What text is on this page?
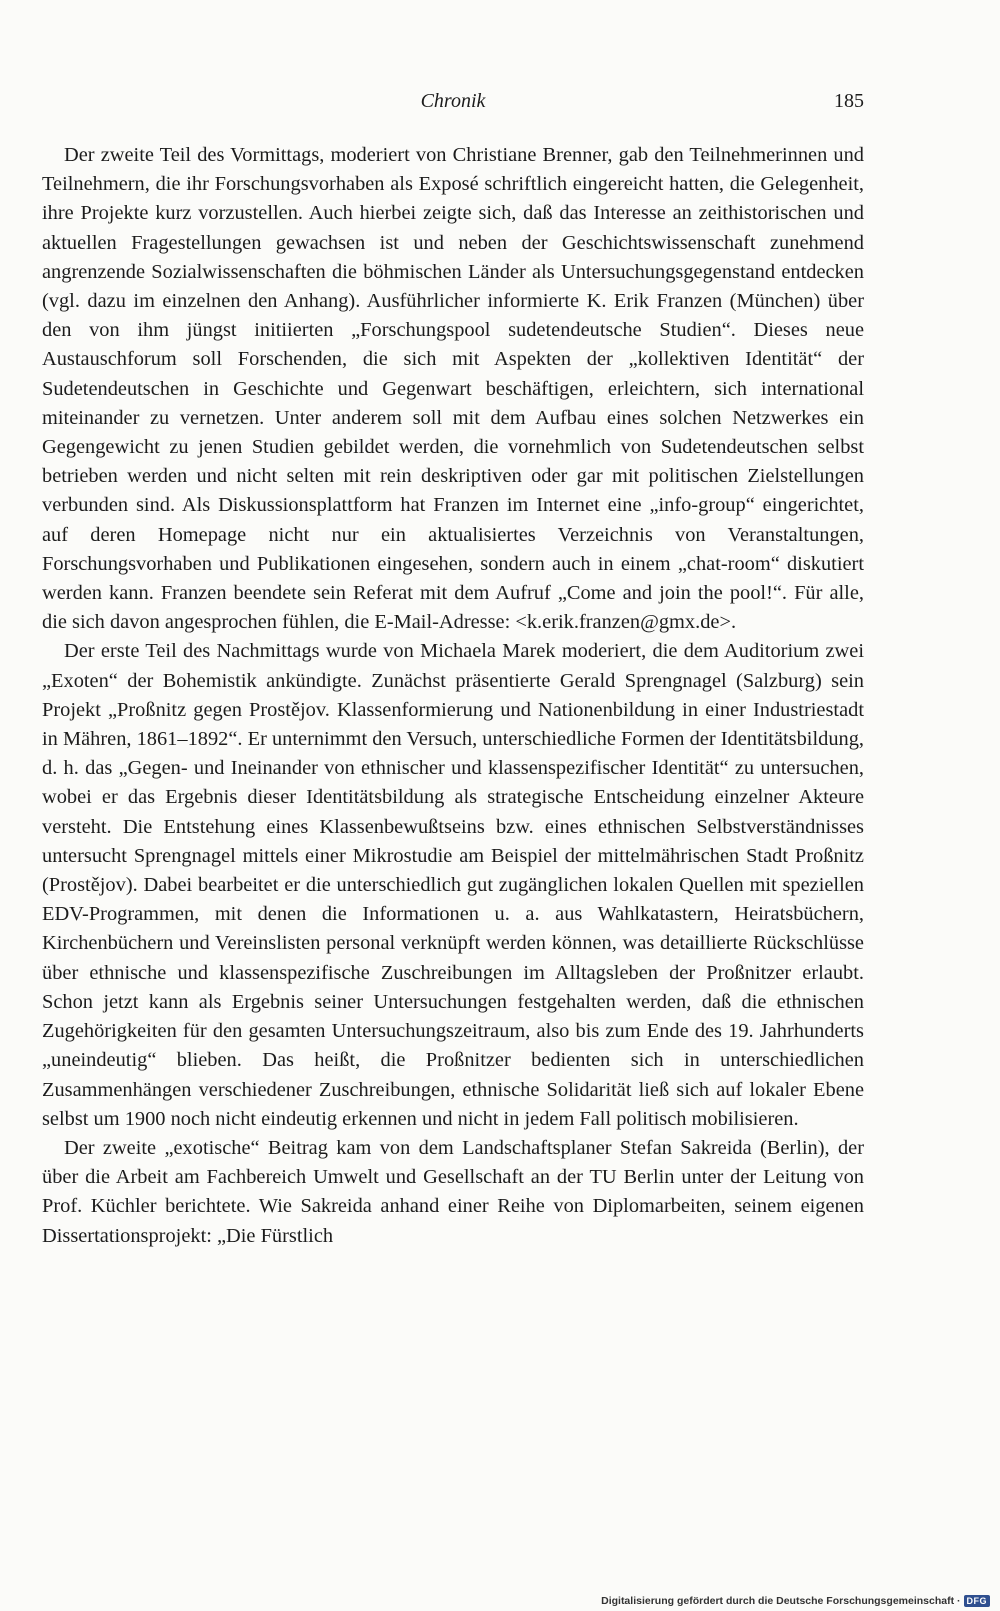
Chronik	185

Der zweite Teil des Vormittags, moderiert von Christiane Brenner, gab den Teilnehmerinnen und Teilnehmern, die ihr Forschungsvorhaben als Exposé schriftlich eingereicht hatten, die Gelegenheit, ihre Projekte kurz vorzustellen. Auch hierbei zeigte sich, daß das Interesse an zeithistorischen und aktuellen Fragestellungen gewachsen ist und neben der Geschichtswissenschaft zunehmend angrenzende Sozialwissenschaften die böhmischen Länder als Untersuchungsgegenstand entdecken (vgl. dazu im einzelnen den Anhang). Ausführlicher informierte K. Erik Franzen (München) über den von ihm jüngst initiierten „Forschungspool sudetendeutsche Studien“. Dieses neue Austauschforum soll Forschenden, die sich mit Aspekten der „kollektiven Identität“ der Sudetendeutschen in Geschichte und Gegenwart beschäftigen, erleichtern, sich international miteinander zu vernetzen. Unter anderem soll mit dem Aufbau eines solchen Netzwerkes ein Gegengewicht zu jenen Studien gebildet werden, die vornehmlich von Sudetendeutschen selbst betrieben werden und nicht selten mit rein deskriptiven oder gar mit politischen Zielstellungen verbunden sind. Als Diskussionsplattform hat Franzen im Internet eine „info-group“ eingerichtet, auf deren Homepage nicht nur ein aktualisiertes Verzeichnis von Veranstaltungen, Forschungsvorhaben und Publikationen eingesehen, sondern auch in einem „chat-room“ diskutiert werden kann. Franzen beendete sein Referat mit dem Aufruf „Come and join the pool!“. Für alle, die sich davon angesprochen fühlen, die E-Mail-Adresse: <k.erik.franzen@gmx.de>.

Der erste Teil des Nachmittags wurde von Michaela Marek moderiert, die dem Auditorium zwei „Exoten“ der Bohemistik ankündigte. Zunächst präsentierte Gerald Sprengnagel (Salzburg) sein Projekt „Proßnitz gegen Prostějov. Klassenformierung und Nationenbildung in einer Industriestadt in Mähren, 1861–1892“. Er unternimmt den Versuch, unterschiedliche Formen der Identitätsbildung, d. h. das „Gegen- und Ineinander von ethnischer und klassenspezifischer Identität“ zu untersuchen, wobei er das Ergebnis dieser Identitätsbildung als strategische Entscheidung einzelner Akteure versteht. Die Entstehung eines Klassenbewußtseins bzw. eines ethnischen Selbstverständnisses untersucht Sprengnagel mittels einer Mikrostudie am Beispiel der mittelmährischen Stadt Proßnitz (Prostějov). Dabei bearbeitet er die unterschiedlich gut zugänglichen lokalen Quellen mit speziellen EDV-Programmen, mit denen die Informationen u. a. aus Wahlkatastern, Heiratsbüchern, Kirchenbüchern und Vereinslisten personal verknüpft werden können, was detaillierte Rückschlüsse über ethnische und klassenspezifische Zuschreibungen im Alltagsleben der Proßnitzer erlaubt. Schon jetzt kann als Ergebnis seiner Untersuchungen festgehalten werden, daß die ethnischen Zugehörigkeiten für den gesamten Untersuchungszeitraum, also bis zum Ende des 19. Jahrhunderts „uneindeutig“ blieben. Das heißt, die Proßnitzer bedienten sich in unterschiedlichen Zusammenhängen verschiedener Zuschreibungen, ethnische Solidarität ließ sich auf lokaler Ebene selbst um 1900 noch nicht eindeutig erkennen und nicht in jedem Fall politisch mobilisieren.

Der zweite „exotische“ Beitrag kam von dem Landschaftsplaner Stefan Sakreida (Berlin), der über die Arbeit am Fachbereich Umwelt und Gesellschaft an der TU Berlin unter der Leitung von Prof. Küchler berichtete. Wie Sakreida anhand einer Reihe von Diplomarbeiten, seinem eigenen Dissertationsprojekt: „Die Fürstlich

Digitalisierung gefördert durch die Deutsche Forschungsgemeinschaft · DFG
